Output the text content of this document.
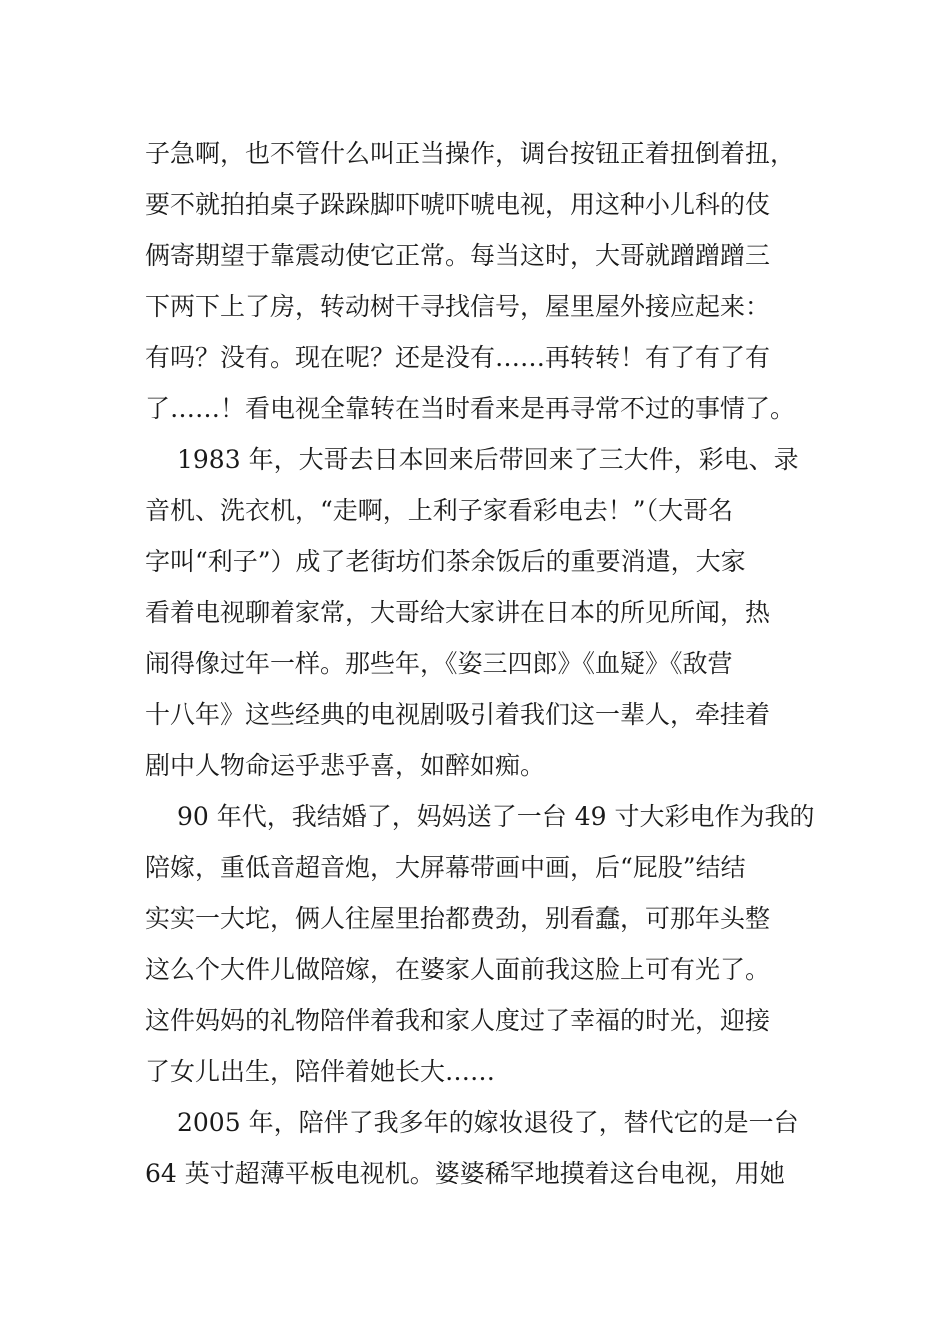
子急啊，也不管什么叫正当操作，调台按钮正着扭倒着扭，
要不就拍拍桌子跺跺脚吓唬吓唬电视，用这种小儿科的伎
俩寄期望于靠震动使它正常。每当这时，大哥就蹭蹭蹭三
下两下上了房，转动树干寻找信号，屋里屋外接应起来：
有吗？没有。现在呢？还是没有……再转转！有了有了有
了……！看电视全靠转在当时看来是再寻常不过的事情了。
1983 年，大哥去日本回来后带回来了三大件，彩电、录
音机、洗衣机，“走啊，上利子家看彩电去！”（大哥名
字叫“利子”）成了老街坊们茶余饭后的重要消遣，大家
看着电视聊着家常，大哥给大家讲在日本的所见所闻，热
闹得像过年一样。那些年，《姿三四郎》《血疑》《敌营
十八年》这些经典的电视剧吸引着我们这一辈人，牵挂着
剧中人物命运乎悲乎喜，如醉如痴。
90 年代，我结婚了，妈妈送了一台 49 寸大彩电作为我的
陪嫁，重低音超音炮，大屏幕带画中画，后“屁股”结结
实实一大坨，俩人往屋里抬都费劲，别看蠢，可那年头整
这么个大件儿做陪嫁，在婆家人面前我这脸上可有光了。
这件妈妈的礼物陪伴着我和家人度过了幸福的时光，迎接
了女儿出生，陪伴着她长大……
2005 年，陪伴了我多年的嫁妆退役了，替代它的是一台
64 英寸超薄平板电视机。婆婆稀罕地摸着这台电视，用她
